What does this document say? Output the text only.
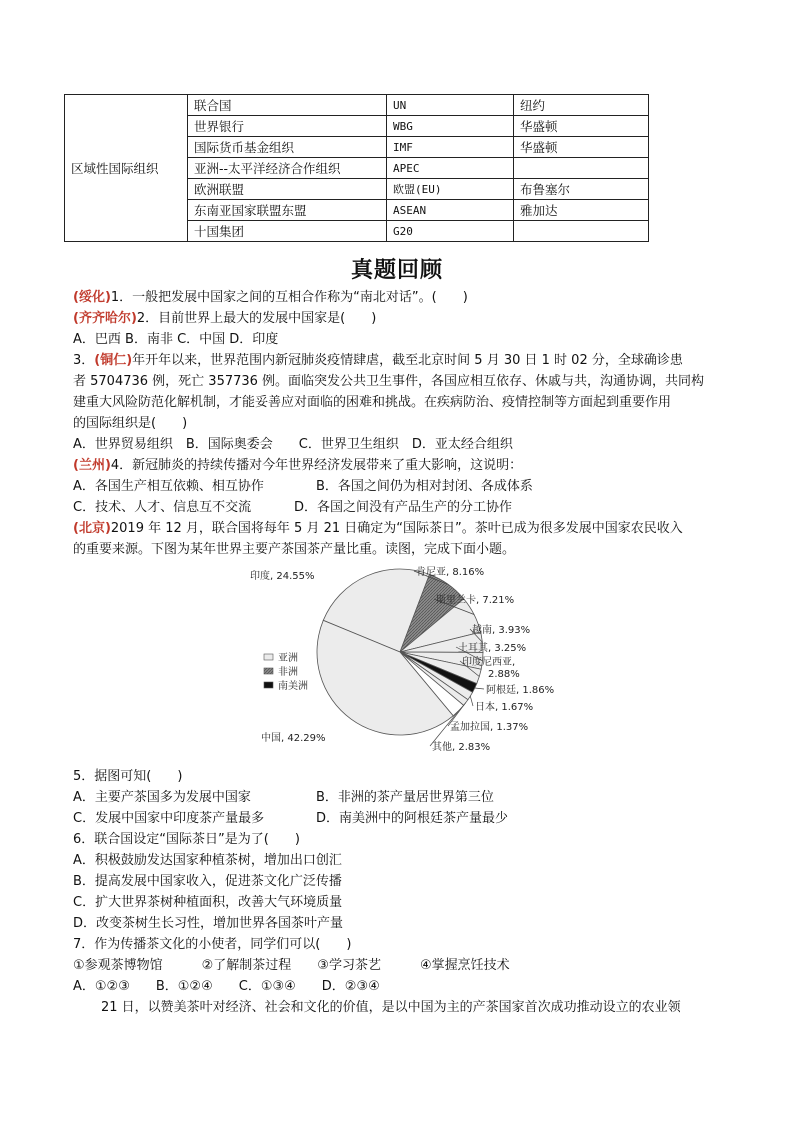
区域性国际组织	联合国	UN	纽约
	世界银行	WBG	华盛顿
	国际货币基金组织	IMF	华盛顿
	亚洲--太平洋经济合作组织	APEC	
	欧洲联盟	欧盟(EU)	布鲁塞尔
	东南亚国家联盟东盟	ASEAN	雅加达
	十国集团	G20	
真题回顾
(绥化)1．一般把发展中国家之间的互相合作称为“南北对话”。(　　)
(齐齐哈尔)2．目前世界上最大的发展中国家是(　　)
A．巴西 B．南非 C．中国 D．印度
3．(铜仁)年开年以来，世界范围内新冠肺炎疫情肆虐，截至北京时间 5 月 30 日 1 时 02 分，全球确诊患
者 5704736 例，死亡 357736 例。面临突发公共卫生事件，各国应相互依存、休戚与共，沟通协调，共同构
建重大风险防范化解机制，才能妥善应对面临的困难和挑战。在疾病防治、疫情控制等方面起到重要作用
的国际组织是(　　)
A．世界贸易组织　B．国际奥委会　　C．世界卫生组织　D．亚太经合组织
(兰州)4．新冠肺炎的持续传播对今年世界经济发展带来了重大影响，这说明：
A．各国生产相互依赖、相互协作	B．各国之间仍为相对封闭、各成体系
C．技术、人才、信息互不交流	D．各国之间没有产品生产的分工协作
(北京)2019 年 12 月，联合国将每年 5 月 21 日确定为“国际茶日”。茶叶已成为很多发展中国家农民收入
的重要来源。下图为某年世界主要产茶国茶产量比重。读图，完成下面小题。
中国, 42.29%
印度, 24.55%	肯尼亚, 8.16%
斯里兰卡, 7.21%
越南, 3.93%
土耳其, 3.25%
印度尼西亚,
2.88%
阿根廷, 1.86%
日本, 1.67%
孟加拉国, 1.37%
其他, 2.83%
亚洲
非洲
南美洲
5．据图可知(　　)
A．主要产茶国多为发展中国家	B．非洲的茶产量居世界第三位
C．发展中国家中印度茶产量最多	D．南美洲中的阿根廷茶产量最少
6．联合国设定“国际茶日”是为了(　　)
A．积极鼓励发达国家种植茶树，增加出口创汇
B．提高发展中国家收入，促进茶文化广泛传播
C．扩大世界茶树种植面积，改善大气环境质量
D．改变茶树生长习性，增加世界各国茶叶产量
7．作为传播茶文化的小使者，同学们可以(　　)
①参观茶博物馆　　　②了解制茶过程　　③学习茶艺　　　④掌握烹饪技术
A．①②③　　B．①②④　　C．①③④　　D．②③④
21 日，以赞美茶叶对经济、社会和文化的价值，是以中国为主的产茶国家首次成功推动设立的农业领
